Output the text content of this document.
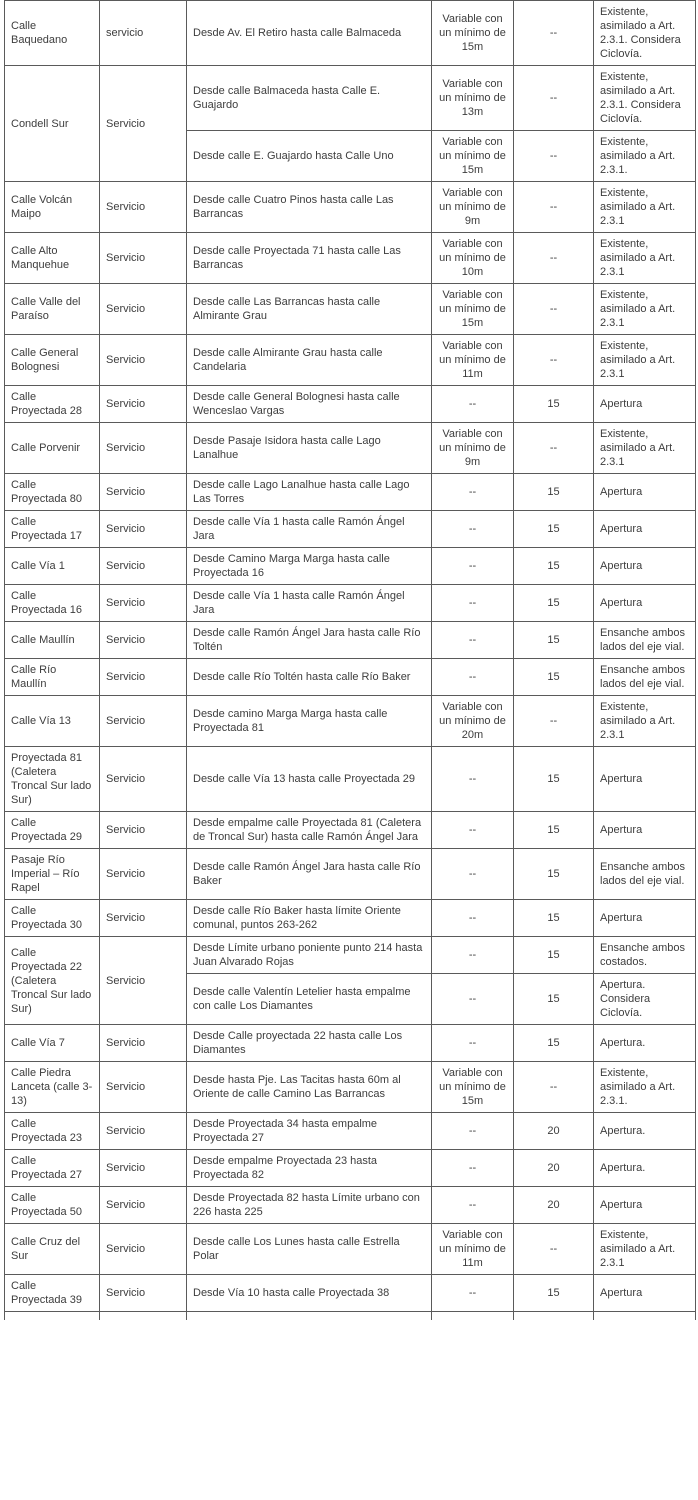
Calle Baquedano	servicio	Desde Av. El Retiro hasta calle Balmaceda	Variable con un mínimo de 15m	--	Existente, asimilado a Art. 2.3.1. Considera Ciclovía.
Condell Sur	Servicio	Desde calle Balmaceda hasta Calle E. Guajardo	Variable con un mínimo de 13m	--	Existente, asimilado a Art. 2.3.1. Considera Ciclovía.
		Desde calle E. Guajardo hasta Calle Uno	Variable con un mínimo de 15m	--	Existente, asimilado a Art. 2.3.1.
Calle Volcán Maipo	Servicio	Desde calle Cuatro Pinos hasta calle Las Barrancas	Variable con un mínimo de 9m	--	Existente, asimilado a Art. 2.3.1
Calle Alto Manquehue	Servicio	Desde calle Proyectada 71 hasta calle Las Barrancas	Variable con un mínimo de 10m	--	Existente, asimilado a Art. 2.3.1
Calle Valle del Paraíso	Servicio	Desde calle Las Barrancas hasta calle Almirante Grau	Variable con un mínimo de 15m	--	Existente, asimilado a Art. 2.3.1
Calle General Bolognesi	Servicio	Desde calle Almirante Grau hasta calle Candelaria	Variable con un mínimo de 11m	--	Existente, asimilado a Art. 2.3.1
Calle Proyectada 28	Servicio	Desde calle General Bolognesi hasta calle Wenceslao Vargas	--	15	Apertura
Calle Porvenir	Servicio	Desde Pasaje Isidora hasta calle Lago Lanalhue	Variable con un mínimo de 9m	--	Existente, asimilado a Art. 2.3.1
Calle Proyectada 80	Servicio	Desde calle Lago Lanalhue hasta calle Lago Las Torres	--	15	Apertura
Calle Proyectada 17	Servicio	Desde calle Vía 1 hasta calle Ramón Ángel Jara	--	15	Apertura
Calle Vía 1	Servicio	Desde Camino Marga Marga hasta calle Proyectada 16	--	15	Apertura
Calle Proyectada 16	Servicio	Desde calle Vía 1 hasta calle Ramón Ángel Jara	--	15	Apertura
Calle Maullín	Servicio	Desde calle Ramón Ángel Jara hasta calle Río Toltén	--	15	Ensanche ambos lados del eje vial.
Calle Río Maullín	Servicio	Desde calle Río Toltén hasta calle Río Baker	--	15	Ensanche ambos lados del eje vial.
Calle Vía 13	Servicio	Desde camino Marga Marga hasta calle Proyectada 81	Variable con un mínimo de 20m	--	Existente, asimilado a Art. 2.3.1
Proyectada 81 (Caletera Troncal Sur lado Sur)	Servicio	Desde calle Vía 13 hasta calle Proyectada 29	--	15	Apertura
Calle Proyectada 29	Servicio	Desde empalme calle Proyectada 81 (Caletera de Troncal Sur) hasta calle Ramón Ángel Jara	--	15	Apertura
Pasaje Río Imperial – Río Rapel	Servicio	Desde calle Ramón Ángel Jara hasta calle Río Baker	--	15	Ensanche ambos lados del eje vial.
Calle Proyectada 30	Servicio	Desde calle Río Baker hasta límite Oriente comunal, puntos 263-262	--	15	Apertura
Calle Proyectada 22 (Caletera Troncal Sur lado Sur)	Servicio	Desde Límite urbano poniente punto 214 hasta Juan Alvarado Rojas	--	15	Ensanche ambos costados.
		Desde calle Valentín Letelier hasta empalme con calle Los Diamantes	--	15	Apertura. Considera Ciclovía.
Calle Vía 7	Servicio	Desde Calle proyectada 22 hasta calle Los Diamantes	--	15	Apertura.
Calle Piedra Lanceta (calle 3-13)	Servicio	Desde hasta Pje. Las Tacitas hasta 60m al Oriente de calle Camino Las Barrancas	Variable con un mínimo de 15m	--	Existente, asimilado a Art. 2.3.1.
Calle Proyectada 23	Servicio	Desde Proyectada 34 hasta empalme Proyectada 27	--	20	Apertura.
Calle Proyectada 27	Servicio	Desde empalme Proyectada 23 hasta Proyectada 82	--	20	Apertura.
Calle Proyectada 50	Servicio	Desde Proyectada 82 hasta Límite urbano con 226 hasta 225	--	20	Apertura
Calle Cruz del Sur	Servicio	Desde calle Los Lunes hasta calle Estrella Polar	Variable con un mínimo de 11m	--	Existente, asimilado a Art. 2.3.1
Calle Proyectada 39	Servicio	Desde Vía 10 hasta calle Proyectada 38	--	15	Apertura
